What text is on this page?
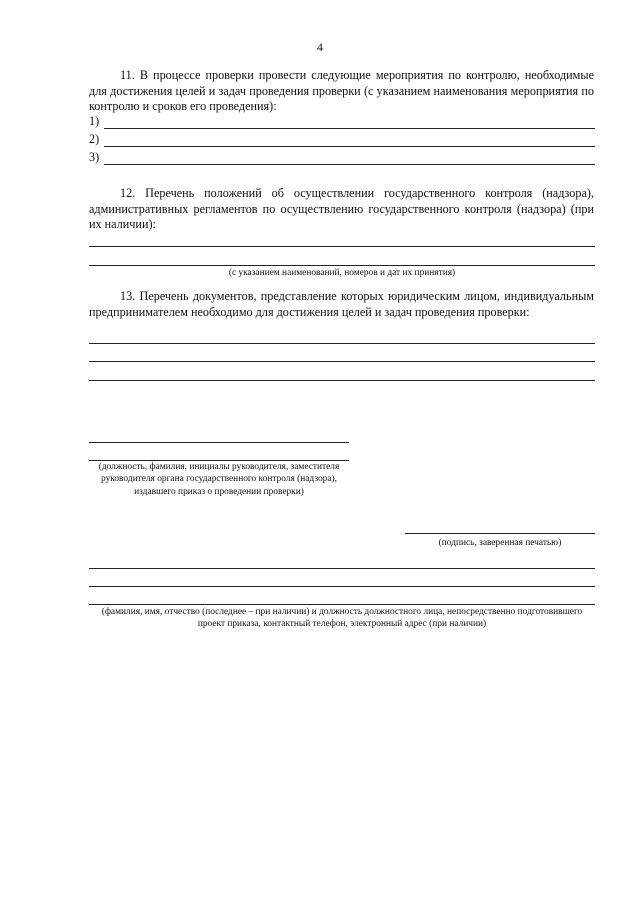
4
11. В процессе проверки провести следующие мероприятия по контролю, необходимые для достижения целей и задач проведения проверки (с указанием наименования мероприятия по контролю и сроков его проведения):
1)
2)
3)
12. Перечень положений об осуществлении государственного контроля (надзора), административных регламентов по осуществлению государственного контроля (надзора) (при их наличии):
(с указанием наименований, номеров и дат их принятия)
13. Перечень документов, представление которых юридическим лицом, индивидуальным предпринимателем необходимо для достижения целей и задач проведения проверки:
(должность, фамилия, инициалы руководителя, заместителя руководителя органа государственного контроля (надзора), издавшего приказ о проведении проверки)
(подпись, заверенная печатью)
(фамилия, имя, отчество (последнее – при наличии) и должность должностного лица, непосредственно подготовившего проект приказа, контактный телефон, электронный адрес (при наличии)
